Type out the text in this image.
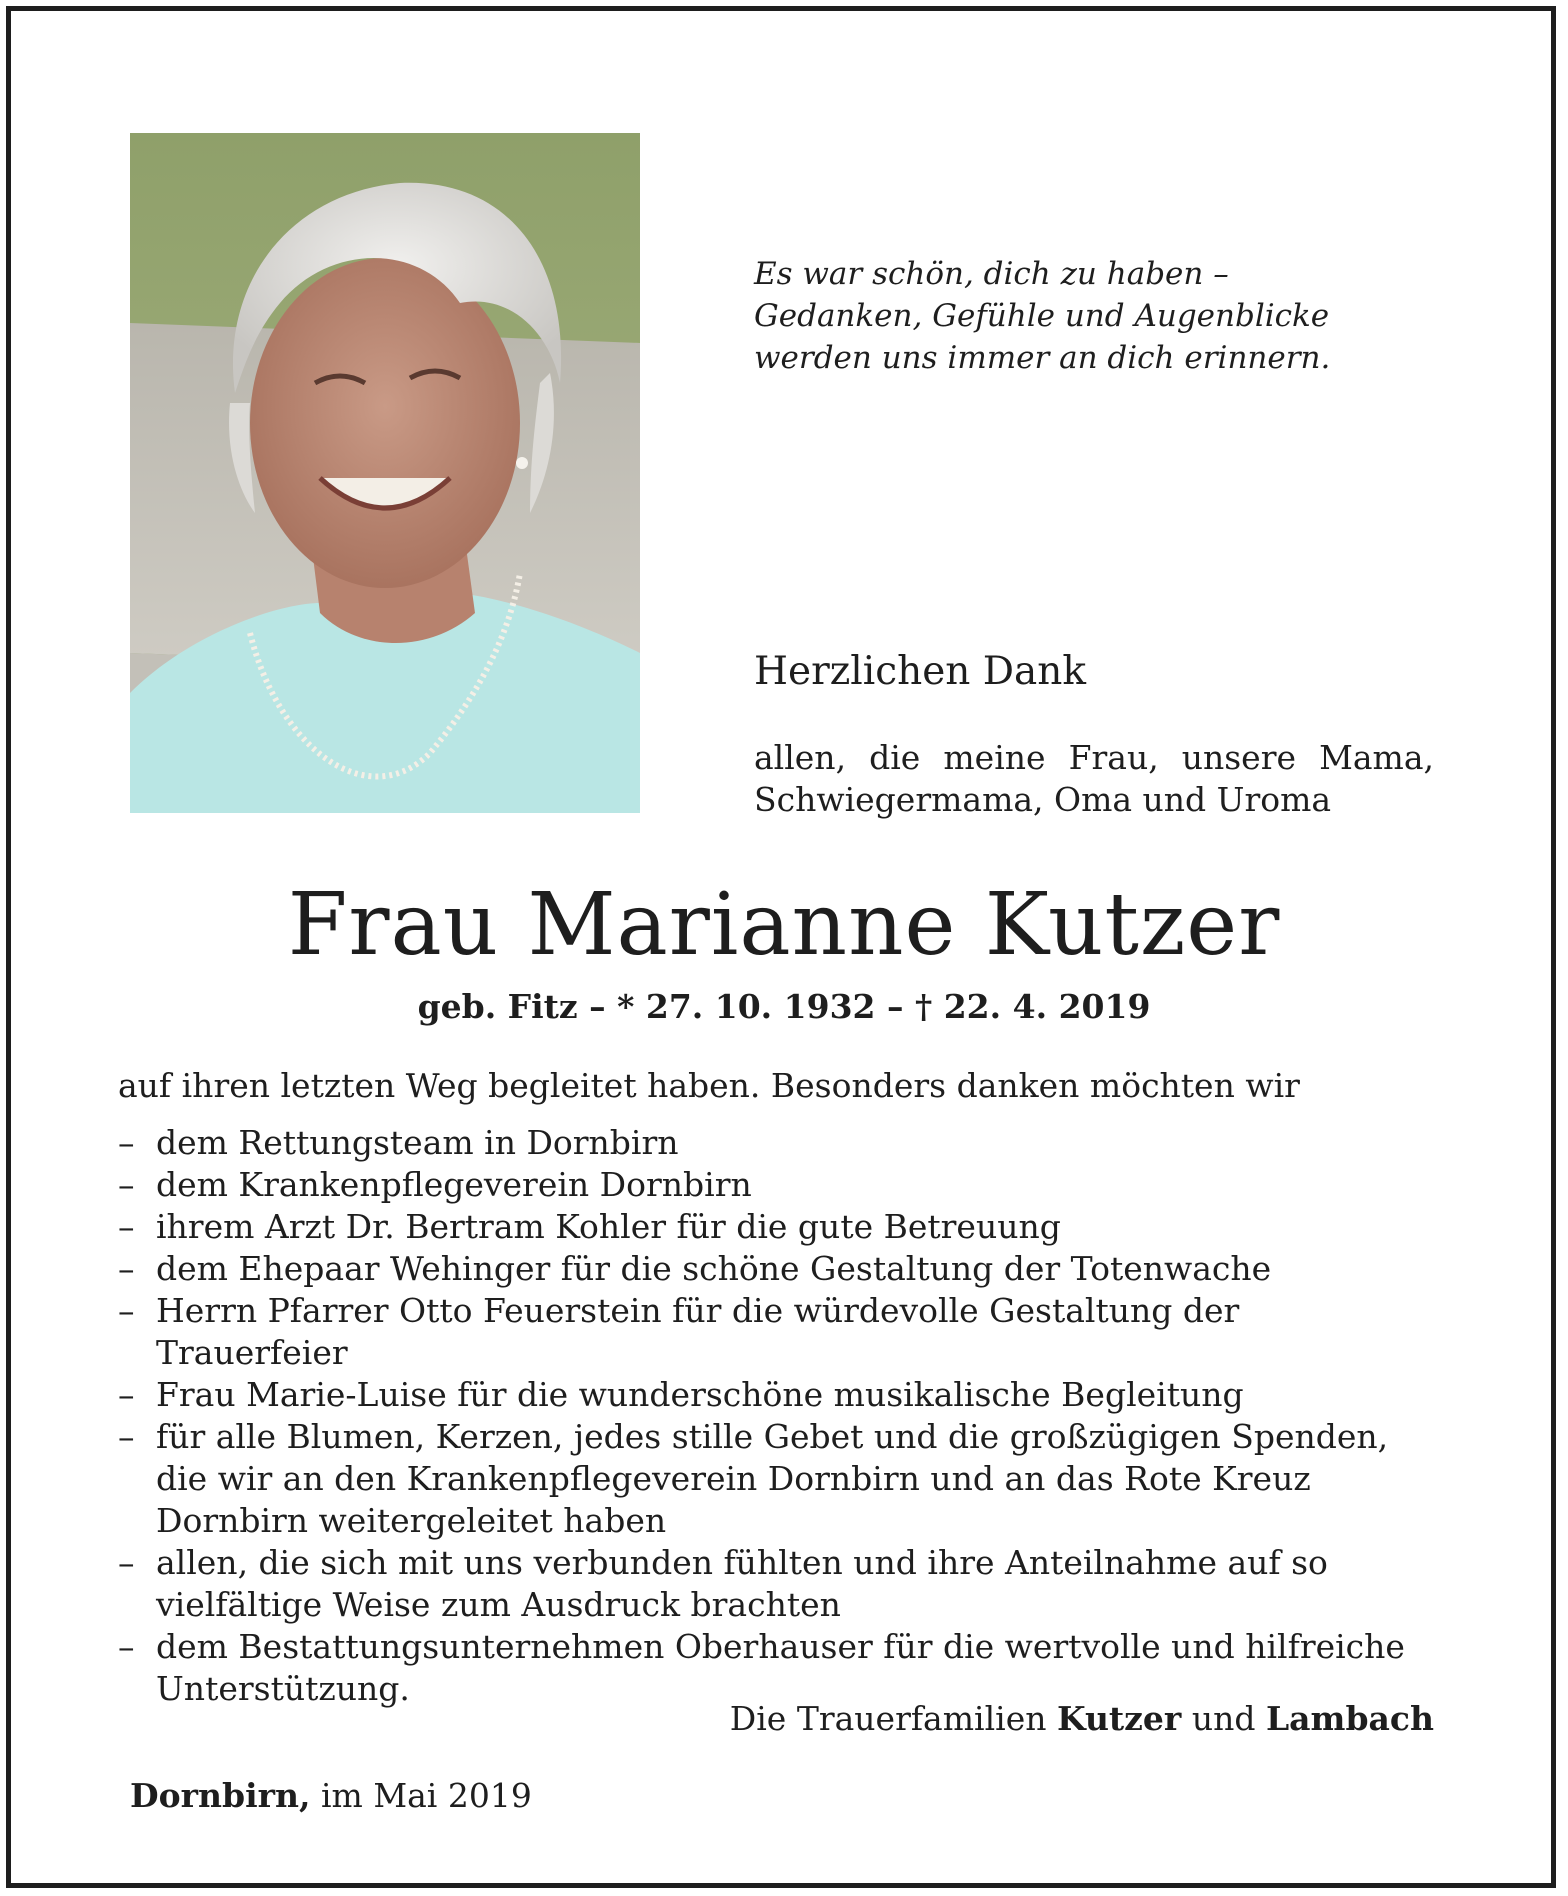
Es war schön, dich zu haben –
Gedanken, Gefühle und Augenblicke
werden uns immer an dich erinnern.
Herzlichen Dank
allen, die meine Frau, unsere Mama,
Schwiegermama, Oma und Uroma
Frau Marianne Kutzer
geb. Fitz – * 27. 10. 1932 – † 22. 4. 2019
auf ihren letzten Weg begleitet haben. Besonders danken möchten wir
– dem Rettungsteam in Dornbirn
– dem Krankenpflegeverein Dornbirn
– ihrem Arzt Dr. Bertram Kohler für die gute Betreuung
– dem Ehepaar Wehinger für die schöne Gestaltung der Totenwache
– Herrn Pfarrer Otto Feuerstein für die würdevolle Gestaltung der Trauerfeier
– Frau Marie-Luise für die wunderschöne musikalische Begleitung
– für alle Blumen, Kerzen, jedes stille Gebet und die großzügigen Spenden, die wir an den Krankenpflegeverein Dornbirn und an das Rote Kreuz Dornbirn weitergeleitet haben
– allen, die sich mit uns verbunden fühlten und ihre Anteilnahme auf so vielfältige Weise zum Ausdruck brachten
– dem Bestattungsunternehmen Oberhauser für die wertvolle und hilfreiche Unterstützung.
Die Trauerfamilien Kutzer und Lambach
Dornbirn, im Mai 2019
